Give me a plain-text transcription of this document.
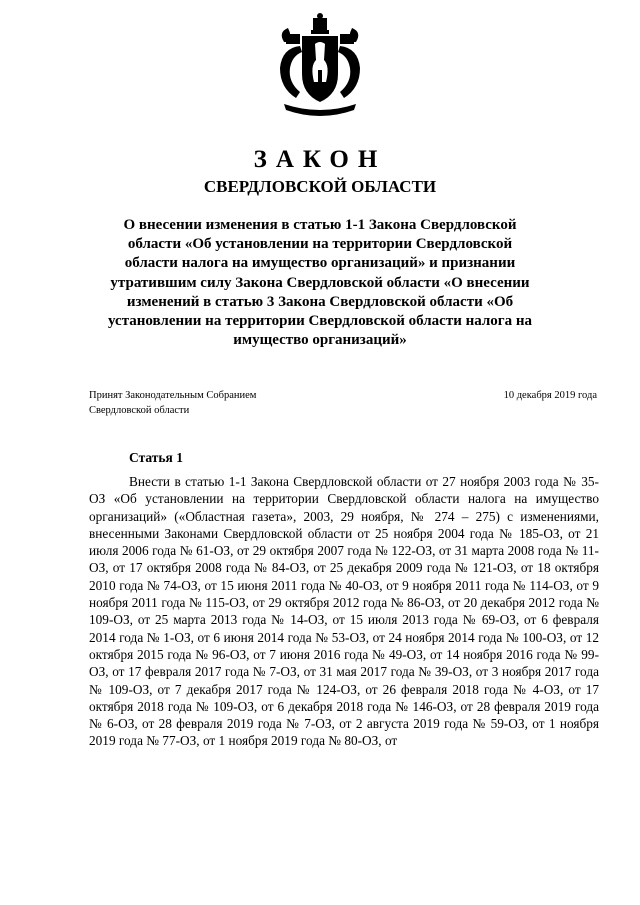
ЗАКОН
СВЕРДЛОВСКОЙ ОБЛАСТИ
О внесении изменения в статью 1-1 Закона Свердловской области «Об установлении на территории Свердловской области налога на имущество организаций» и признании утратившим силу Закона Свердловской области «О внесении изменений в статью 3 Закона Свердловской области «Об установлении на территории Свердловской области налога на имущество организаций»
Принят Законодательным Собранием
Свердловской области
10 декабря 2019 года
Статья 1
Внести в статью 1-1 Закона Свердловской области от 27 ноября 2003 года № 35-ОЗ «Об установлении на территории Свердловской области налога на имущество организаций» («Областная газета», 2003, 29 ноября, № 274 – 275) с изменениями, внесенными Законами Свердловской области от 25 ноября 2004 года № 185-ОЗ, от 21 июля 2006 года № 61-ОЗ, от 29 октября 2007 года № 122-ОЗ, от 31 марта 2008 года № 11-ОЗ, от 17 октября 2008 года № 84-ОЗ, от 25 декабря 2009 года № 121-ОЗ, от 18 октября 2010 года № 74-ОЗ, от 15 июня 2011 года № 40-ОЗ, от 9 ноября 2011 года № 114-ОЗ, от 9 ноября 2011 года № 115-ОЗ, от 29 октября 2012 года № 86-ОЗ, от 20 декабря 2012 года № 109-ОЗ, от 25 марта 2013 года № 14-ОЗ, от 15 июля 2013 года № 69-ОЗ, от 6 февраля 2014 года № 1-ОЗ, от 6 июня 2014 года № 53-ОЗ, от 24 ноября 2014 года № 100-ОЗ, от 12 октября 2015 года № 96-ОЗ, от 7 июня 2016 года № 49-ОЗ, от 14 ноября 2016 года № 99-ОЗ, от 17 февраля 2017 года № 7-ОЗ, от 31 мая 2017 года № 39-ОЗ, от 3 ноября 2017 года № 109-ОЗ, от 7 декабря 2017 года № 124-ОЗ, от 26 февраля 2018 года № 4-ОЗ, от 17 октября 2018 года № 109-ОЗ, от 6 декабря 2018 года № 146-ОЗ, от 28 февраля 2019 года № 6-ОЗ, от 28 февраля 2019 года № 7-ОЗ, от 2 августа 2019 года № 59-ОЗ, от 1 ноября 2019 года № 77-ОЗ, от 1 ноября 2019 года № 80-ОЗ, от
